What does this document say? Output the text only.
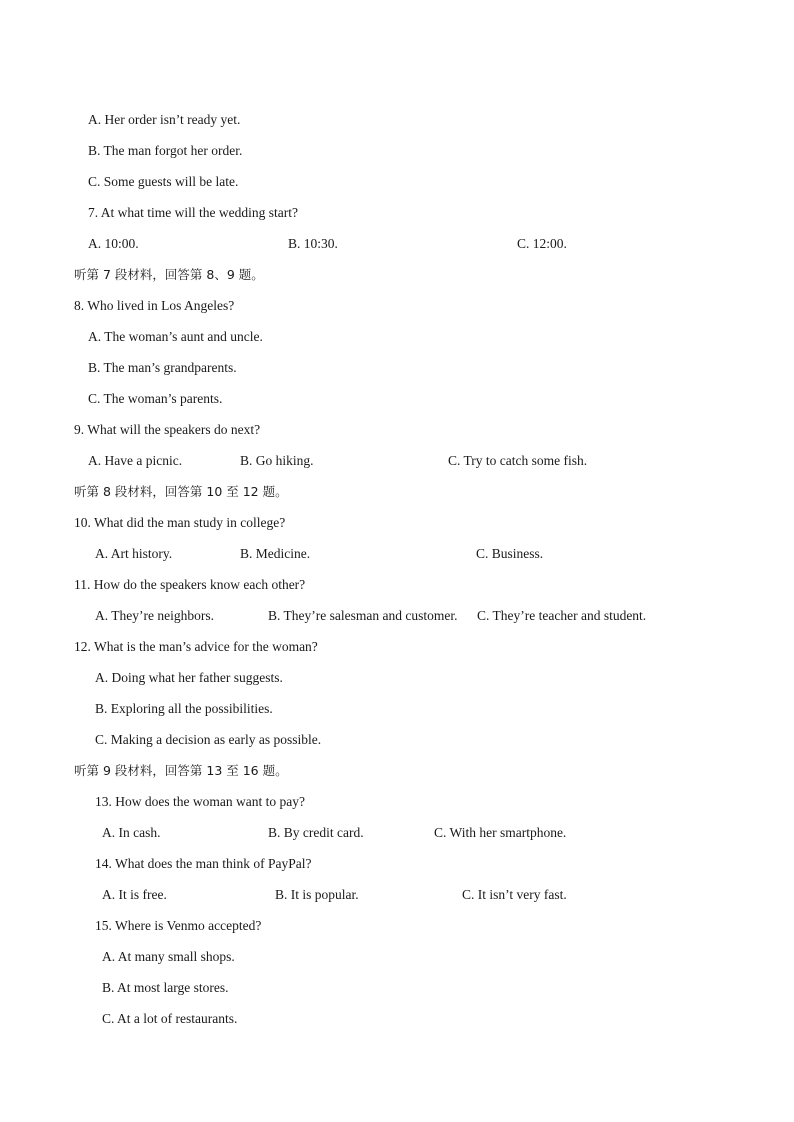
A. Her order isn’t ready yet.
B. The man forgot her order.
C. Some guests will be late.
7. At what time will the wedding start?
A. 10:00.	B. 10:30.	C. 12:00.
听第 7 段材料，回答第 8、9 题。
8. Who lived in Los Angeles?
A. The woman’s aunt and uncle.
B. The man’s grandparents.
C. The woman’s parents.
9. What will the speakers do next?
A. Have a picnic.	B. Go hiking.	C. Try to catch some fish.
听第 8 段材料，回答第 10 至 12 题。
10. What did the man study in college?
A. Art history.	B. Medicine.	C. Business.
11. How do the speakers know each other?
A. They’re neighbors.	B. They’re salesman and customer. C. They’re teacher and student.
12. What is the man’s advice for the woman?
A. Doing what her father suggests.
B. Exploring all the possibilities.
C. Making a decision as early as possible.
听第 9 段材料，回答第 13 至 16 题。
13. How does the woman want to pay?
A. In cash.	B. By credit card.	C. With her smartphone.
14. What does the man think of PayPal?
A. It is free.	B. It is popular.	C. It isn’t very fast.
15. Where is Venmo accepted?
A. At many small shops.
B. At most large stores.
C. At a lot of restaurants.
